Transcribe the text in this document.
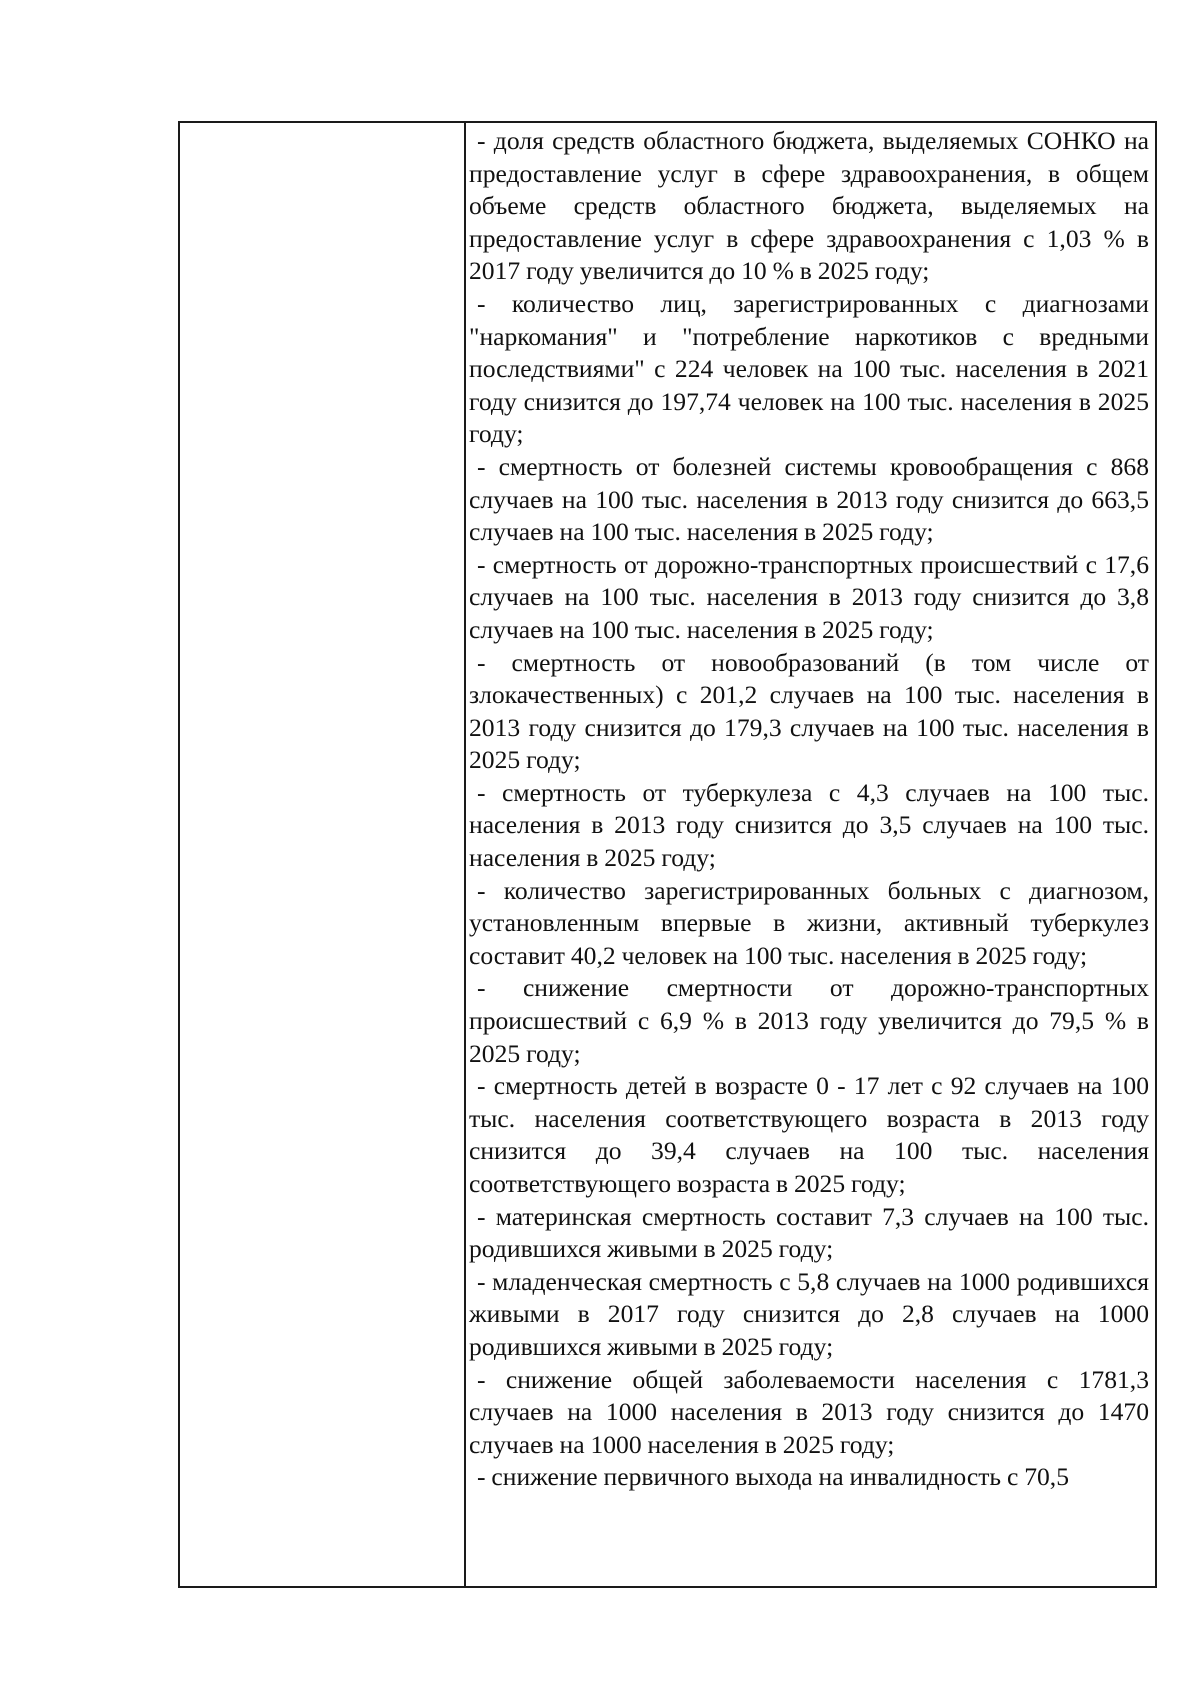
- доля средств областного бюджета, выделяемых СОНКО на предоставление услуг в сфере здравоохранения, в общем объеме средств областного бюджета, выделяемых на предоставление услуг в сфере здравоохранения с 1,03 % в 2017 году увеличится до 10 % в 2025 году;

- количество лиц, зарегистрированных с диагнозами "наркомания" и "потребление наркотиков с вредными последствиями" с 224 человек на 100 тыс. населения в 2021 году снизится до 197,74 человек на 100 тыс. населения в 2025 году;

- смертность от болезней системы кровообращения с 868 случаев на 100 тыс. населения в 2013 году снизится до 663,5 случаев на 100 тыс. населения в 2025 году;

- смертность от дорожно-транспортных происшествий с 17,6 случаев на 100 тыс. населения в 2013 году снизится до 3,8 случаев на 100 тыс. населения в 2025 году;

- смертность от новообразований (в том числе от злокачественных) с 201,2 случаев на 100 тыс. населения в 2013 году снизится до 179,3 случаев на 100 тыс. населения в 2025 году;

- смертность от туберкулеза с 4,3 случаев на 100 тыс. населения в 2013 году снизится до 3,5 случаев на 100 тыс. населения в 2025 году;

- количество зарегистрированных больных с диагнозом, установленным впервые в жизни, активный туберкулез составит 40,2 человек на 100 тыс. населения в 2025 году;

- снижение смертности от дорожно-транспортных происшествий с 6,9 % в 2013 году увеличится до 79,5 % в 2025 году;

- смертность детей в возрасте 0 - 17 лет с 92 случаев на 100 тыс. населения соответствующего возраста в 2013 году снизится до 39,4 случаев на 100 тыс. населения соответствующего возраста в 2025 году;

- материнская смертность составит 7,3 случаев на 100 тыс. родившихся живыми в 2025 году;

- младенческая смертность с 5,8 случаев на 1000 родившихся живыми в 2017 году снизится до 2,8 случаев на 1000 родившихся живыми в 2025 году;

- снижение общей заболеваемости населения с 1781,3 случаев на 1000 населения в 2013 году снизится до 1470 случаев на 1000 населения в 2025 году;

- снижение первичного выхода на инвалидность с 70,5
